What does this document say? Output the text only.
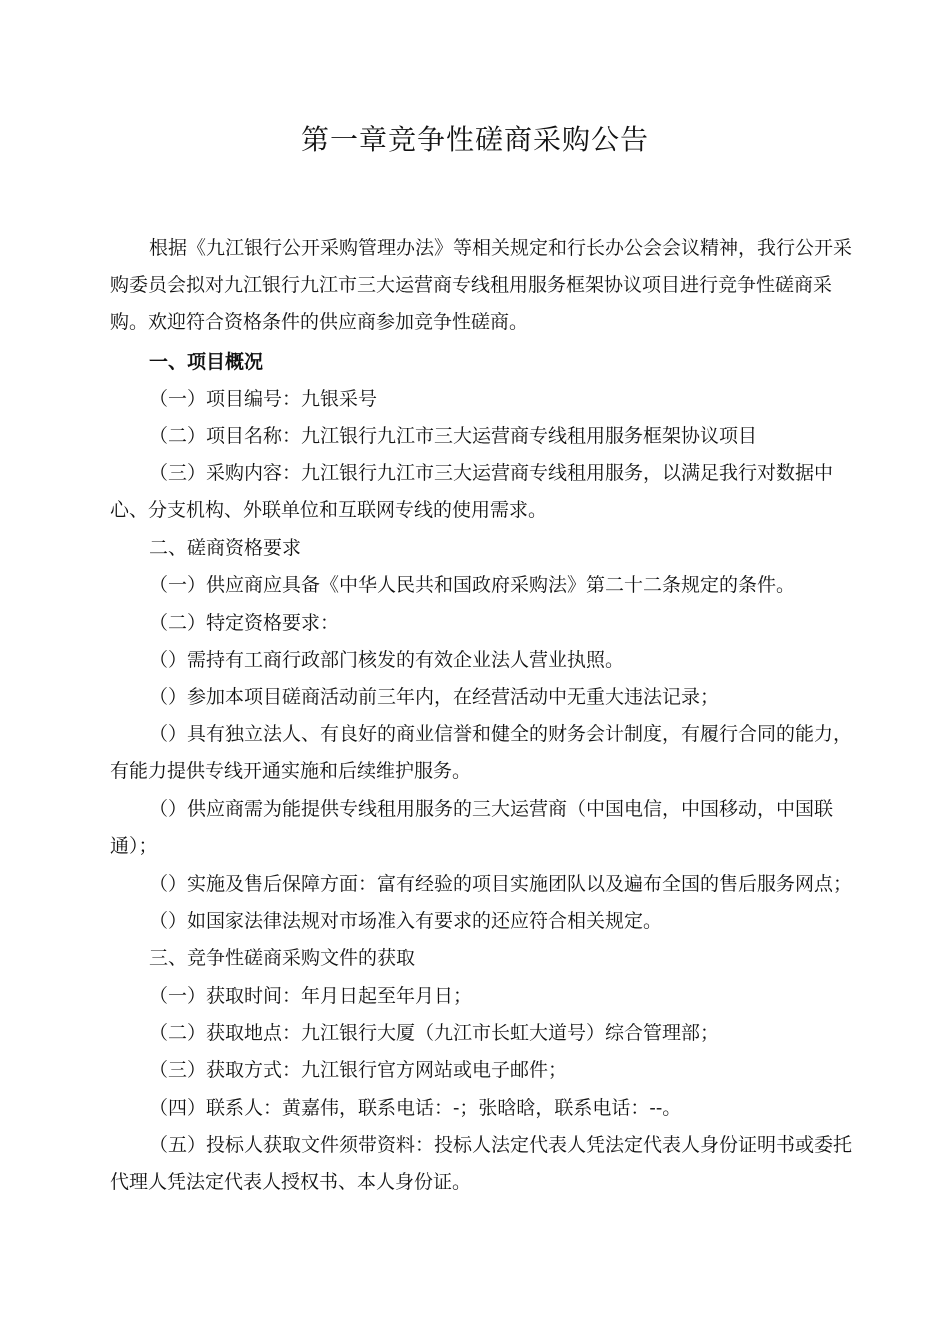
第一章竞争性磋商采购公告

根据《九江银行公开采购管理办法》等相关规定和行长办公会会议精神，我行公开采购委员会拟对九江银行九江市三大运营商专线租用服务框架协议项目进行竞争性磋商采购。欢迎符合资格条件的供应商参加竞争性磋商。

一、项目概况

（一）项目编号：九银采号

（二）项目名称：九江银行九江市三大运营商专线租用服务框架协议项目

（三）采购内容：九江银行九江市三大运营商专线租用服务，以满足我行对数据中心、分支机构、外联单位和互联网专线的使用需求。

二、磋商资格要求

（一）供应商应具备《中华人民共和国政府采购法》第二十二条规定的条件。

（二）特定资格要求：

（）需持有工商行政部门核发的有效企业法人营业执照。

（）参加本项目磋商活动前三年内，在经营活动中无重大违法记录；

（）具有独立法人、有良好的商业信誉和健全的财务会计制度，有履行合同的能力，有能力提供专线开通实施和后续维护服务。

（）供应商需为能提供专线租用服务的三大运营商（中国电信，中国移动，中国联通）；

（）实施及售后保障方面：富有经验的项目实施团队以及遍布全国的售后服务网点；

（）如国家法律法规对市场准入有要求的还应符合相关规定。

三、竞争性磋商采购文件的获取

（一）获取时间：年月日起至年月日；

（二）获取地点：九江银行大厦（九江市长虹大道号）综合管理部；

（三）获取方式：九江银行官方网站或电子邮件；

（四）联系人：黄嘉伟，联系电话：-；张晗晗，联系电话：--。

（五）投标人获取文件须带资料：投标人法定代表人凭法定代表人身份证明书或委托代理人凭法定代表人授权书、本人身份证。
